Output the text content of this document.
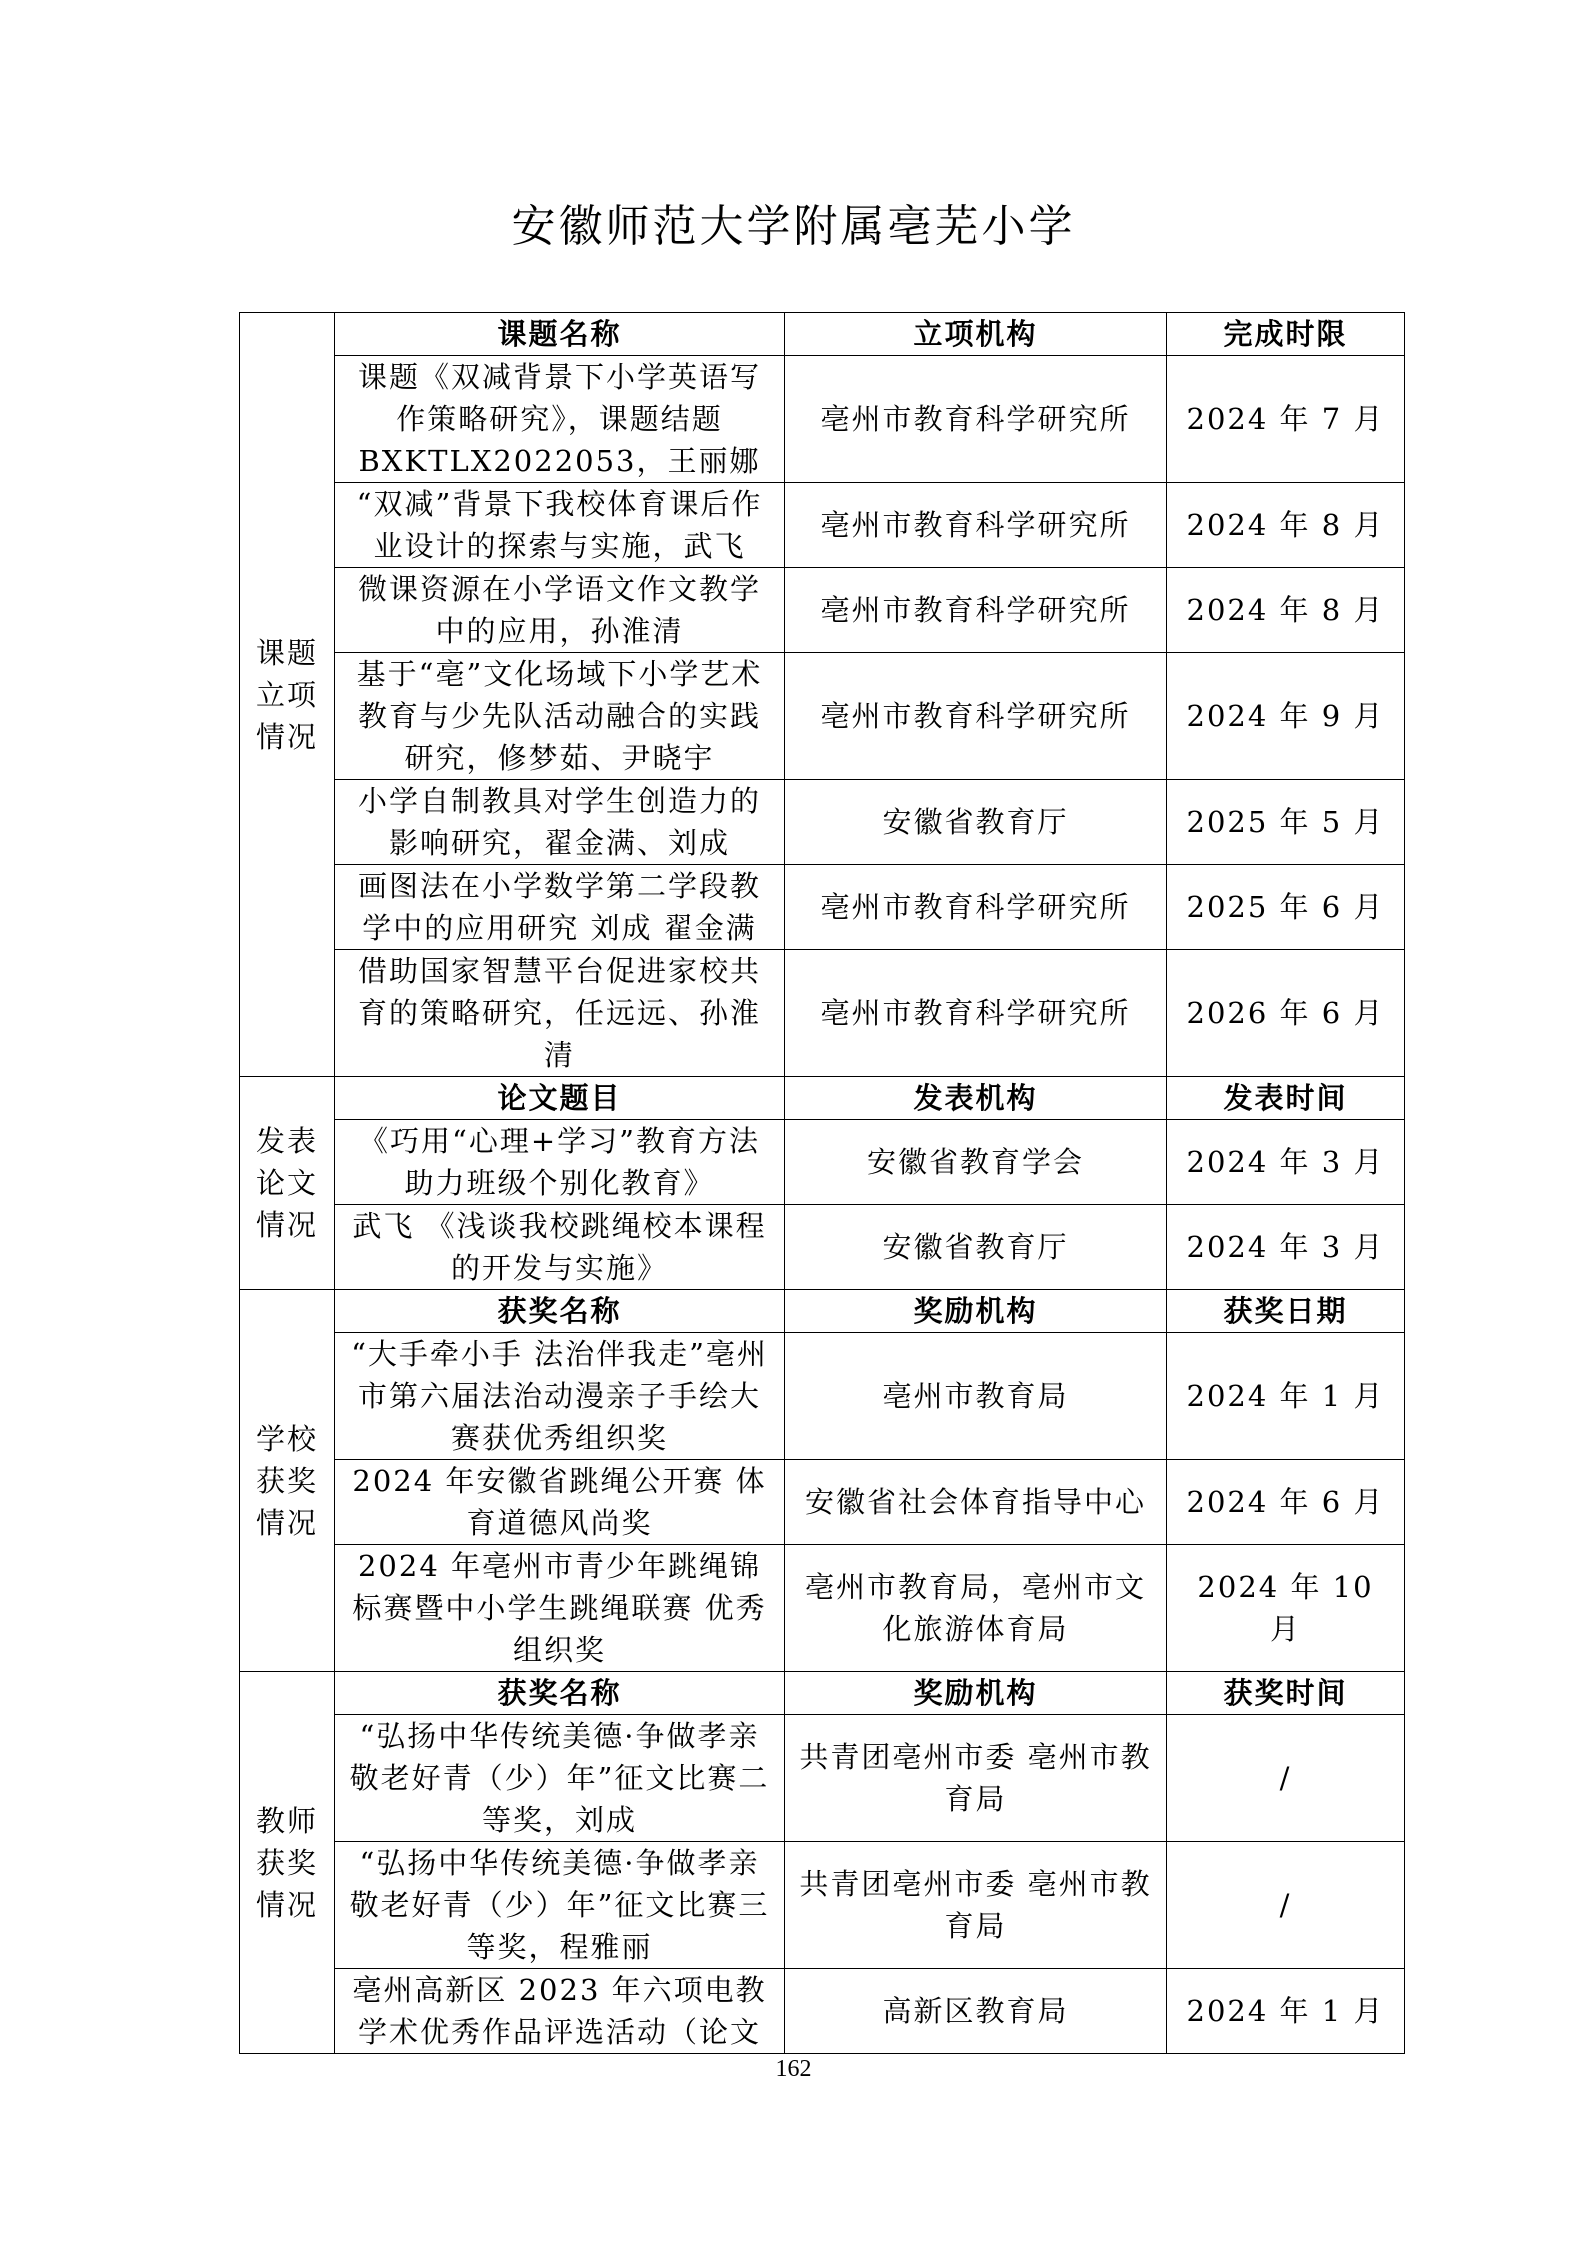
安徽师范大学附属亳芜小学
课题
立项
情况	课题名称	立项机构	完成时限
	课题《双减背景下小学英语写作策略研究》，课题结题BXKTLX2022053，王丽娜	亳州市教育科学研究所	2024 年 7 月
	“双减”背景下我校体育课后作业设计的探索与实施，武飞	亳州市教育科学研究所	2024 年 8 月
	微课资源在小学语文作文教学中的应用，孙淮清	亳州市教育科学研究所	2024 年 8 月
	基于“亳”文化场域下小学艺术教育与少先队活动融合的实践研究，修梦茹、尹晓宇	亳州市教育科学研究所	2024 年 9 月
	小学自制教具对学生创造力的影响研究，翟金满、刘成	安徽省教育厅	2025 年 5 月
	画图法在小学数学第二学段教学中的应用研究 刘成 翟金满	亳州市教育科学研究所	2025 年 6 月
	借助国家智慧平台促进家校共育的策略研究，任远远、孙淮清	亳州市教育科学研究所	2026 年 6 月

发表
论文
情况	论文题目	发表机构	发表时间
	《巧用“心理+学习”教育方法助力班级个别化教育》	安徽省教育学会	2024 年 3 月
	武飞 《浅谈我校跳绳校本课程的开发与实施》	安徽省教育厅	2024 年 3 月

学校
获奖
情况	获奖名称	奖励机构	获奖日期
	“大手牵小手 法治伴我走”亳州市第六届法治动漫亲子手绘大赛获优秀组织奖	亳州市教育局	2024 年 1 月
	2024 年安徽省跳绳公开赛 体育道德风尚奖	安徽省社会体育指导中心	2024 年 6 月
	2024 年亳州市青少年跳绳锦标赛暨中小学生跳绳联赛 优秀组织奖	亳州市教育局，亳州市文化旅游体育局	2024 年 10 月

教师
获奖
情况	获奖名称	奖励机构	获奖时间
	“弘扬中华传统美德·争做孝亲敬老好青（少）年”征文比赛二等奖，刘成	共青团亳州市委 亳州市教育局	/
	“弘扬中华传统美德·争做孝亲敬老好青（少）年”征文比赛三等奖，程雅丽	共青团亳州市委 亳州市教育局	/
	亳州高新区 2023 年六项电教学术优秀作品评选活动（论文	高新区教育局	2024 年 1 月
162
